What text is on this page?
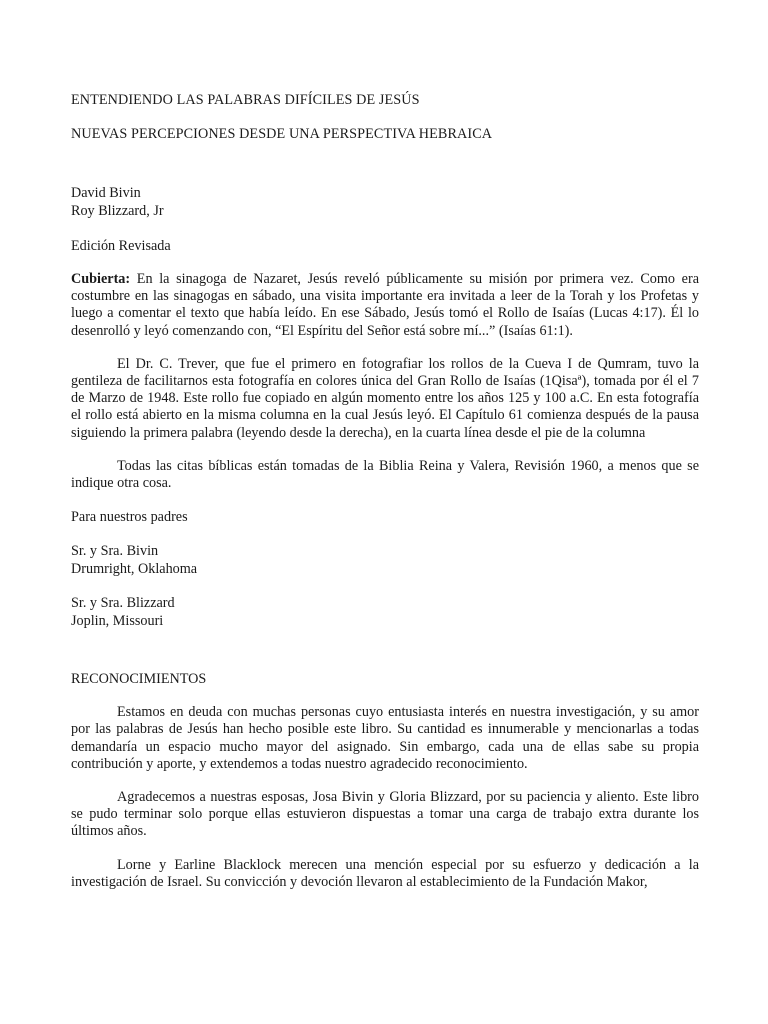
ENTENDIENDO LAS PALABRAS DIFÍCILES DE JESÚS
NUEVAS PERCEPCIONES DESDE UNA PERSPECTIVA HEBRAICA
David Bivin
Roy Blizzard, Jr
Edición Revisada

Cubierta: En la sinagoga de Nazaret, Jesús reveló públicamente su misión por primera vez. Como era costumbre en las sinagogas en sábado, una visita importante era invitada a leer de la Torah y los Profetas y luego a comentar el texto que había leído. En ese Sábado, Jesús tomó el Rollo de Isaías (Lucas 4:17). Él lo desenrolló y leyó comenzando con, “El Espíritu del Señor está sobre mí...” (Isaías 61:1).

El Dr. C. Trever, que fue el primero en fotografiar los rollos de la Cueva I de Qumram, tuvo la gentileza de facilitarnos esta fotografía en colores única del Gran Rollo de Isaías (1Qisaª), tomada por él el 7 de Marzo de 1948. Este rollo fue copiado en algún momento entre los años 125 y 100 a.C. En esta fotografía el rollo está abierto en la misma columna en la cual Jesús leyó. El Capítulo 61 comienza después de la pausa siguiendo la primera palabra (leyendo desde la derecha), en la cuarta línea desde el pie de la columna

Todas las citas bíblicas están tomadas de la Biblia Reina y Valera, Revisión 1960, a menos que se indique otra cosa.

Para nuestros padres
Sr. y Sra. Bivin
Drumright, Oklahoma
Sr. y Sra. Blizzard
Joplin, Missouri
RECONOCIMIENTOS

Estamos en deuda con muchas personas cuyo entusiasta interés en nuestra investigación, y su amor por las palabras de Jesús han hecho posible este libro. Su cantidad es innumerable y mencionarlas a todas demandaría un espacio mucho mayor del asignado. Sin embargo, cada una de ellas sabe su propia contribución y aporte, y extendemos a todas nuestro agradecido reconocimiento.

Agradecemos a nuestras esposas, Josa Bivin y Gloria Blizzard, por su paciencia y aliento. Este libro se pudo terminar solo porque ellas estuvieron dispuestas a tomar una carga de trabajo extra durante los últimos años.

Lorne y Earline Blacklock merecen una mención especial por su esfuerzo y dedicación a la investigación de Israel. Su convicción y devoción llevaron al establecimiento de la Fundación Makor,
